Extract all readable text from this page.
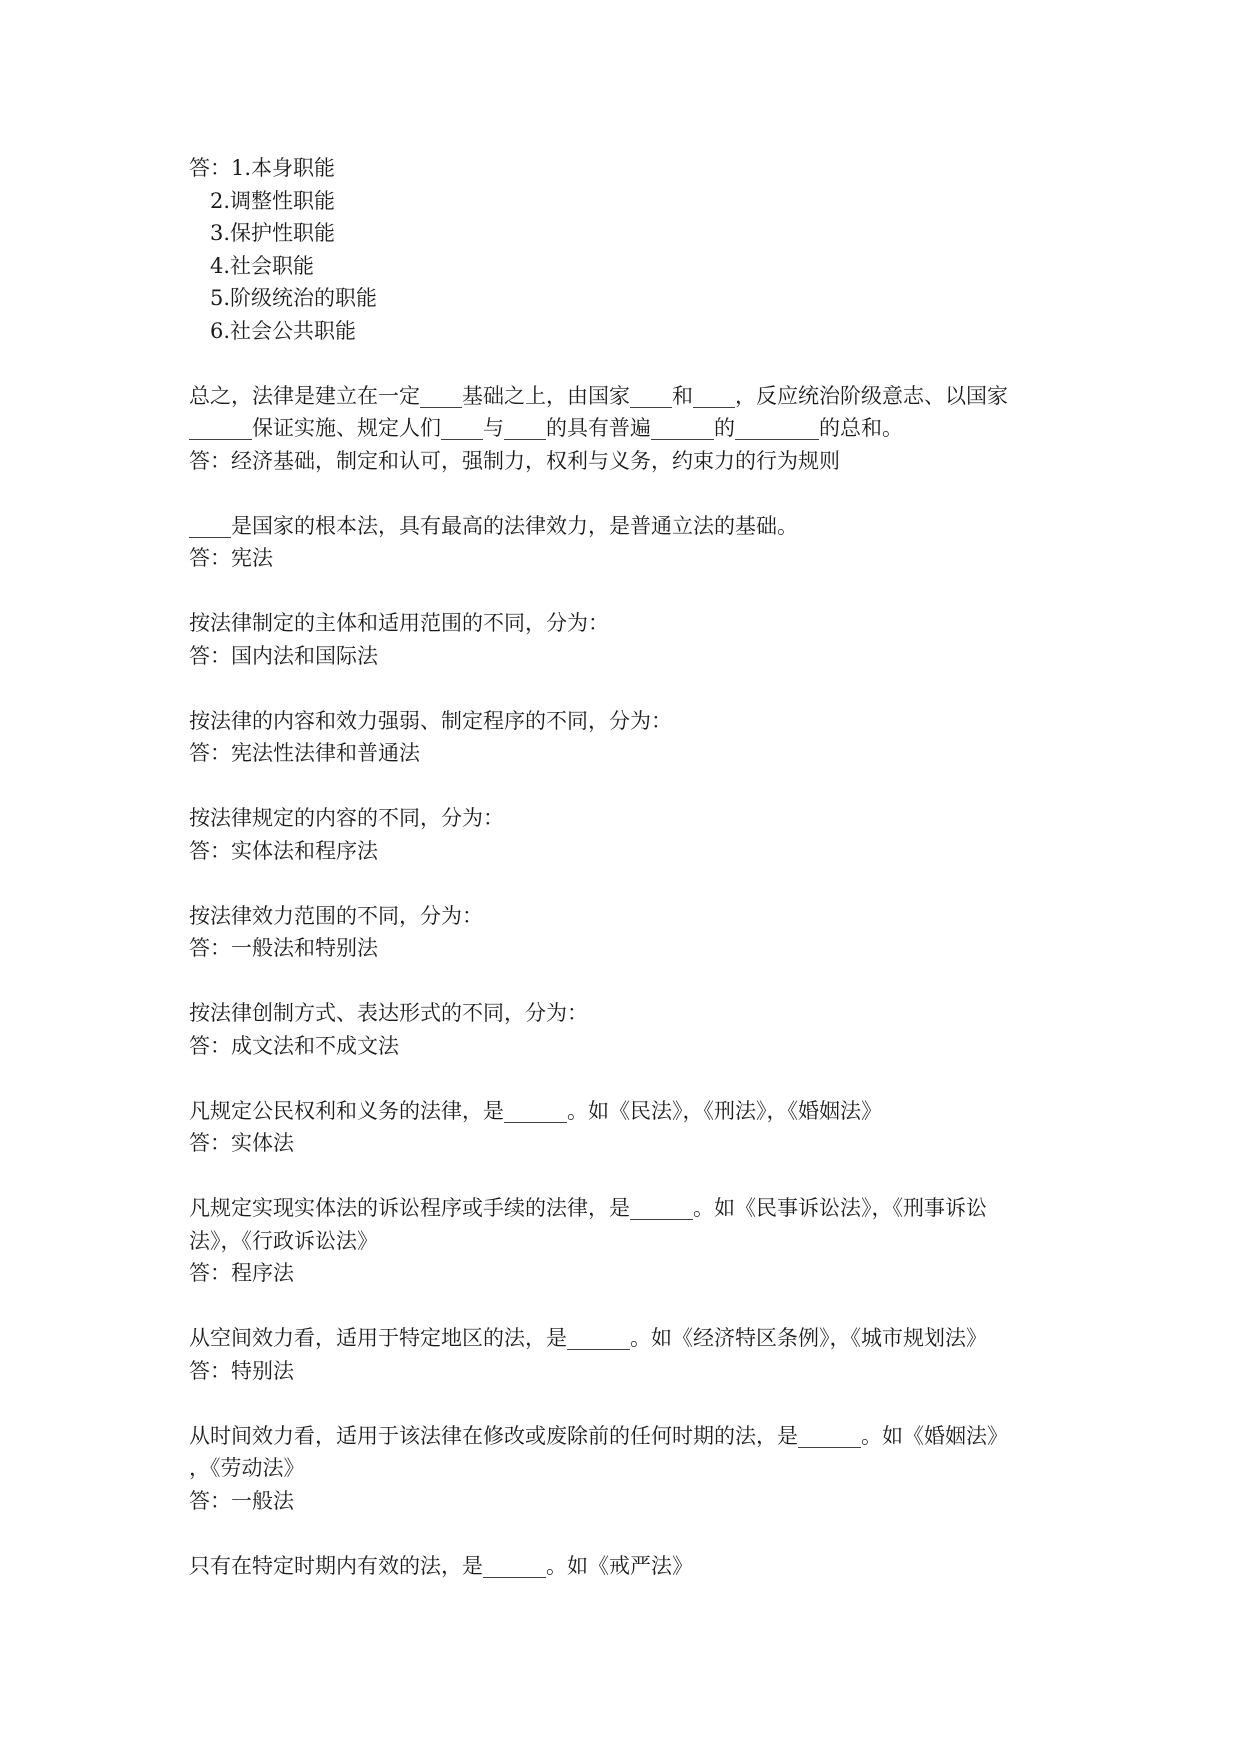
答：1.本身职能
2.调整性职能
3.保护性职能
4.社会职能
5.阶级统治的职能
6.社会公共职能
总之，法律是建立在一定____基础之上，由国家____和____，反应统治阶级意志、以国家
______保证实施、规定人们____与____的具有普遍______的________的总和。
答：经济基础，制定和认可，强制力，权利与义务，约束力的行为规则
____是国家的根本法，具有最高的法律效力，是普通立法的基础。
答：宪法
按法律制定的主体和适用范围的不同，分为：
答：国内法和国际法
按法律的内容和效力强弱、制定程序的不同，分为：
答：宪法性法律和普通法
按法律规定的内容的不同，分为：
答：实体法和程序法
按法律效力范围的不同，分为：
答：一般法和特别法
按法律创制方式、表达形式的不同，分为：
答：成文法和不成文法
凡规定公民权利和义务的法律，是______。如《民法》，《刑法》，《婚姻法》
答：实体法
凡规定实现实体法的诉讼程序或手续的法律，是______。如《民事诉讼法》，《刑事诉讼
法》，《行政诉讼法》
答：程序法
从空间效力看，适用于特定地区的法，是______。如《经济特区条例》，《城市规划法》
答：特别法
从时间效力看，适用于该法律在修改或废除前的任何时期的法，是______。如《婚姻法》
，《劳动法》
答：一般法
只有在特定时期内有效的法，是______。如《戒严法》
